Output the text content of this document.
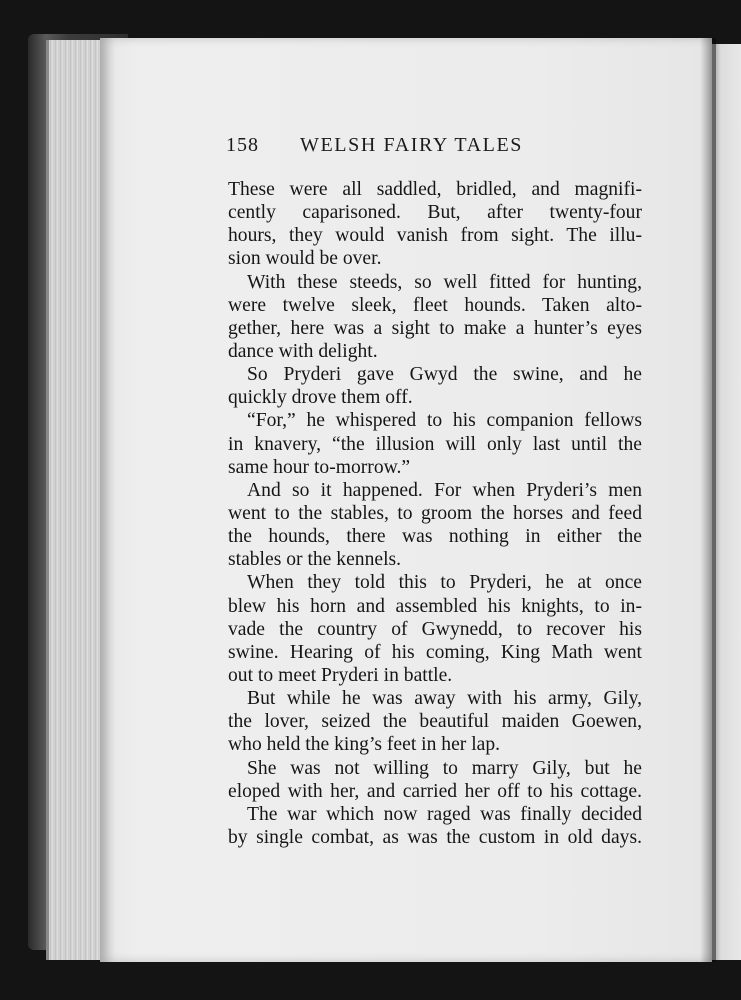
158 WELSH FAIRY TALES
These were all saddled, bridled, and magnifi-
cently caparisoned. But, after twenty-four
hours, they would vanish from sight. The illu-
sion would be over.
With these steeds, so well fitted for hunting,
were twelve sleek, fleet hounds. Taken alto-
gether, here was a sight to make a hunter’s eyes
dance with delight.
So Pryderi gave Gwyd the swine, and he
quickly drove them off.
“For,” he whispered to his companion fellows
in knavery, “the illusion will only last until the
same hour to-morrow.”
And so it happened. For when Pryderi’s men
went to the stables, to groom the horses and feed
the hounds, there was nothing in either the
stables or the kennels.
When they told this to Pryderi, he at once
blew his horn and assembled his knights, to in-
vade the country of Gwynedd, to recover his
swine. Hearing of his coming, King Math went
out to meet Pryderi in battle.
But while he was away with his army, Gily,
the lover, seized the beautiful maiden Goewen,
who held the king’s feet in her lap.
She was not willing to marry Gily, but he
eloped with her, and carried her off to his cottage.
The war which now raged was finally decided
by single combat, as was the custom in old days.
